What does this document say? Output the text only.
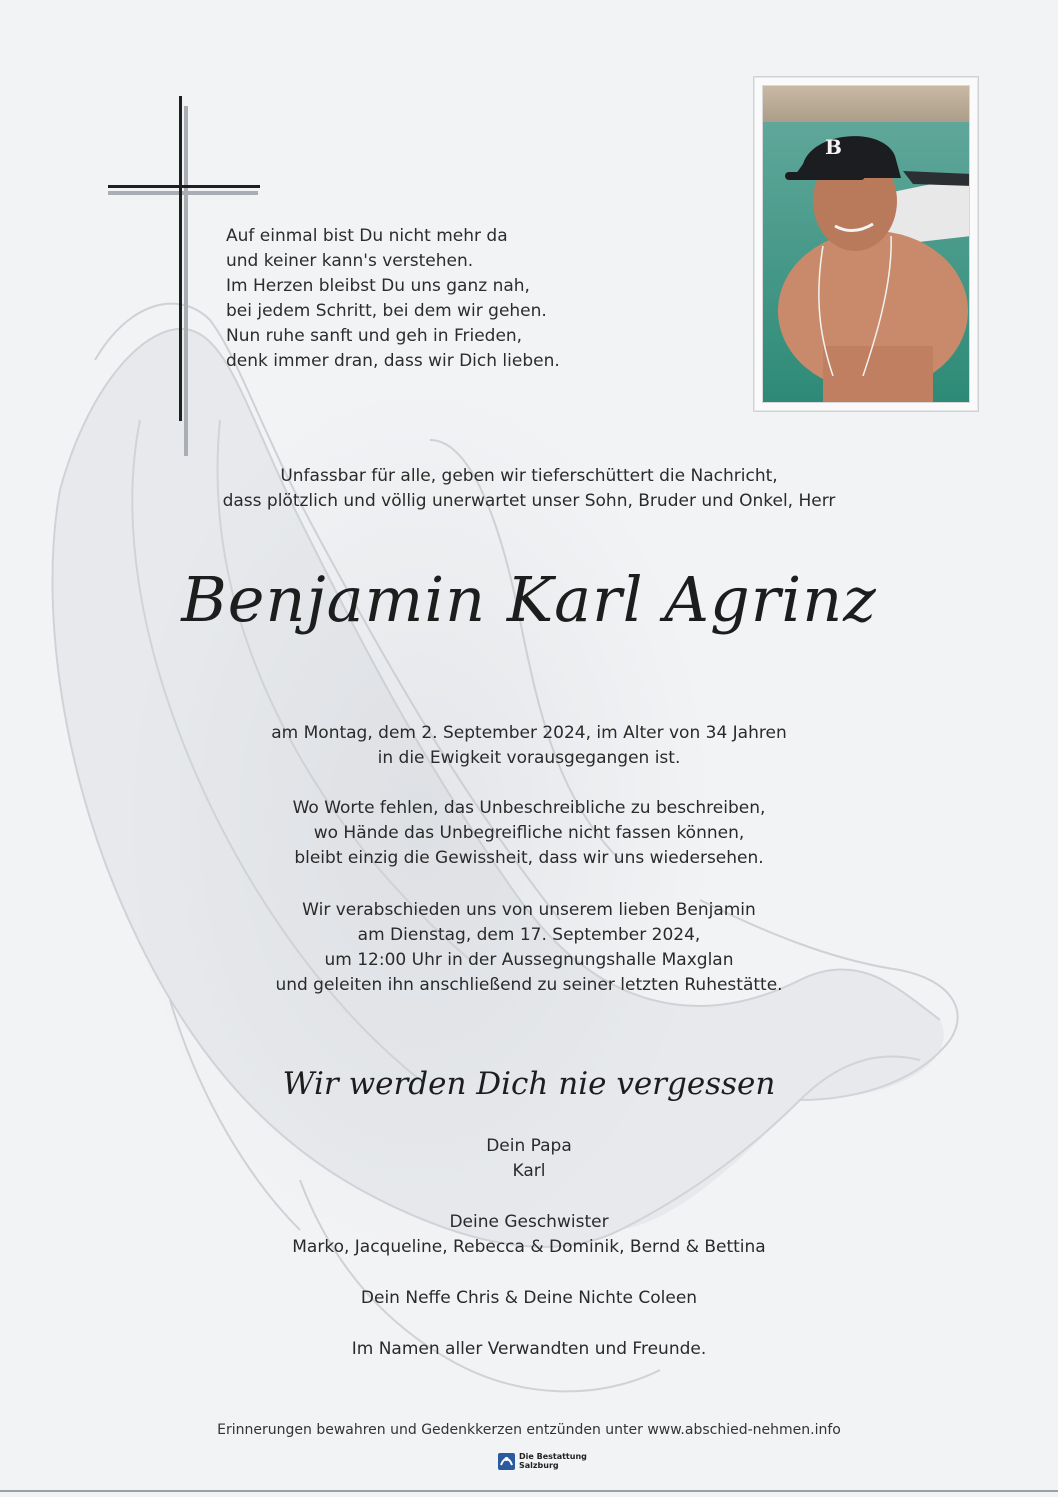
Auf einmal bist Du nicht mehr da
und keiner kann's verstehen.
Im Herzen bleibst Du uns ganz nah,
bei jedem Schritt, bei dem wir gehen.
Nun ruhe sanft und geh in Frieden,
denk immer dran, dass wir Dich lieben.
B
Unfassbar für alle, geben wir tieferschüttert die Nachricht,
dass plötzlich und völlig unerwartet unser Sohn, Bruder und Onkel, Herr
Benjamin Karl Agrinz
am Montag, dem 2. September 2024, im Alter von 34 Jahren
in die Ewigkeit vorausgegangen ist.
Wo Worte fehlen, das Unbeschreibliche zu beschreiben,
wo Hände das Unbegreifliche nicht fassen können,
bleibt einzig die Gewissheit, dass wir uns wiedersehen.
Wir verabschieden uns von unserem lieben Benjamin
am Dienstag, dem 17. September 2024,
um 12:00 Uhr in der Aussegnungshalle Maxglan
und geleiten ihn anschließend zu seiner letzten Ruhestätte.
Wir werden Dich nie vergessen
Dein Papa
Karl
Deine Geschwister
Marko, Jacqueline, Rebecca & Dominik, Bernd & Bettina
Dein Neffe Chris & Deine Nichte Coleen
Im Namen aller Verwandten und Freunde.
Erinnerungen bewahren und Gedenkkerzen entzünden unter www.abschied-nehmen.info
Die Bestattung
Salzburg
